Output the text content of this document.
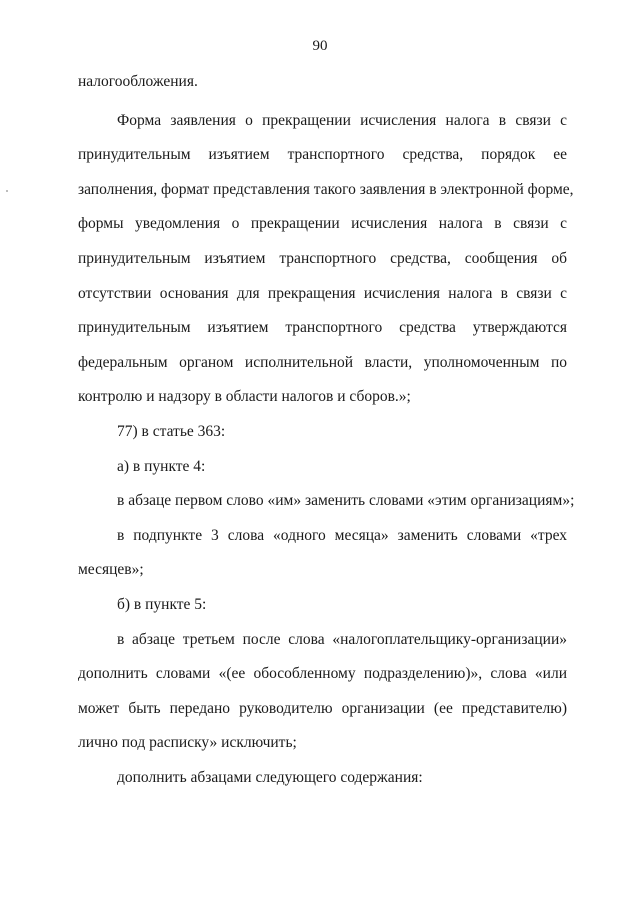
90
налогообложения.
Форма заявления о прекращении исчисления налога в связи с
принудительным изъятием транспортного средства, порядок ее
заполнения, формат представления такого заявления в электронной форме,
формы уведомления о прекращении исчисления налога в связи с
принудительным изъятием транспортного средства, сообщения об
отсутствии основания для прекращения исчисления налога в связи с
принудительным изъятием транспортного средства утверждаются
федеральным органом исполнительной власти, уполномоченным по
контролю и надзору в области налогов и сборов.»;
77) в статье 363:
а) в пункте 4:
в абзаце первом слово «им» заменить словами «этим организациям»;
в подпункте 3 слова «одного месяца» заменить словами «трех
месяцев»;
б) в пункте 5:
в абзаце третьем после слова «налогоплательщику-организации»
дополнить словами «(ее обособленному подразделению)», слова «или
может быть передано руководителю организации (ее представителю)
лично под расписку» исключить;
дополнить абзацами следующего содержания:
